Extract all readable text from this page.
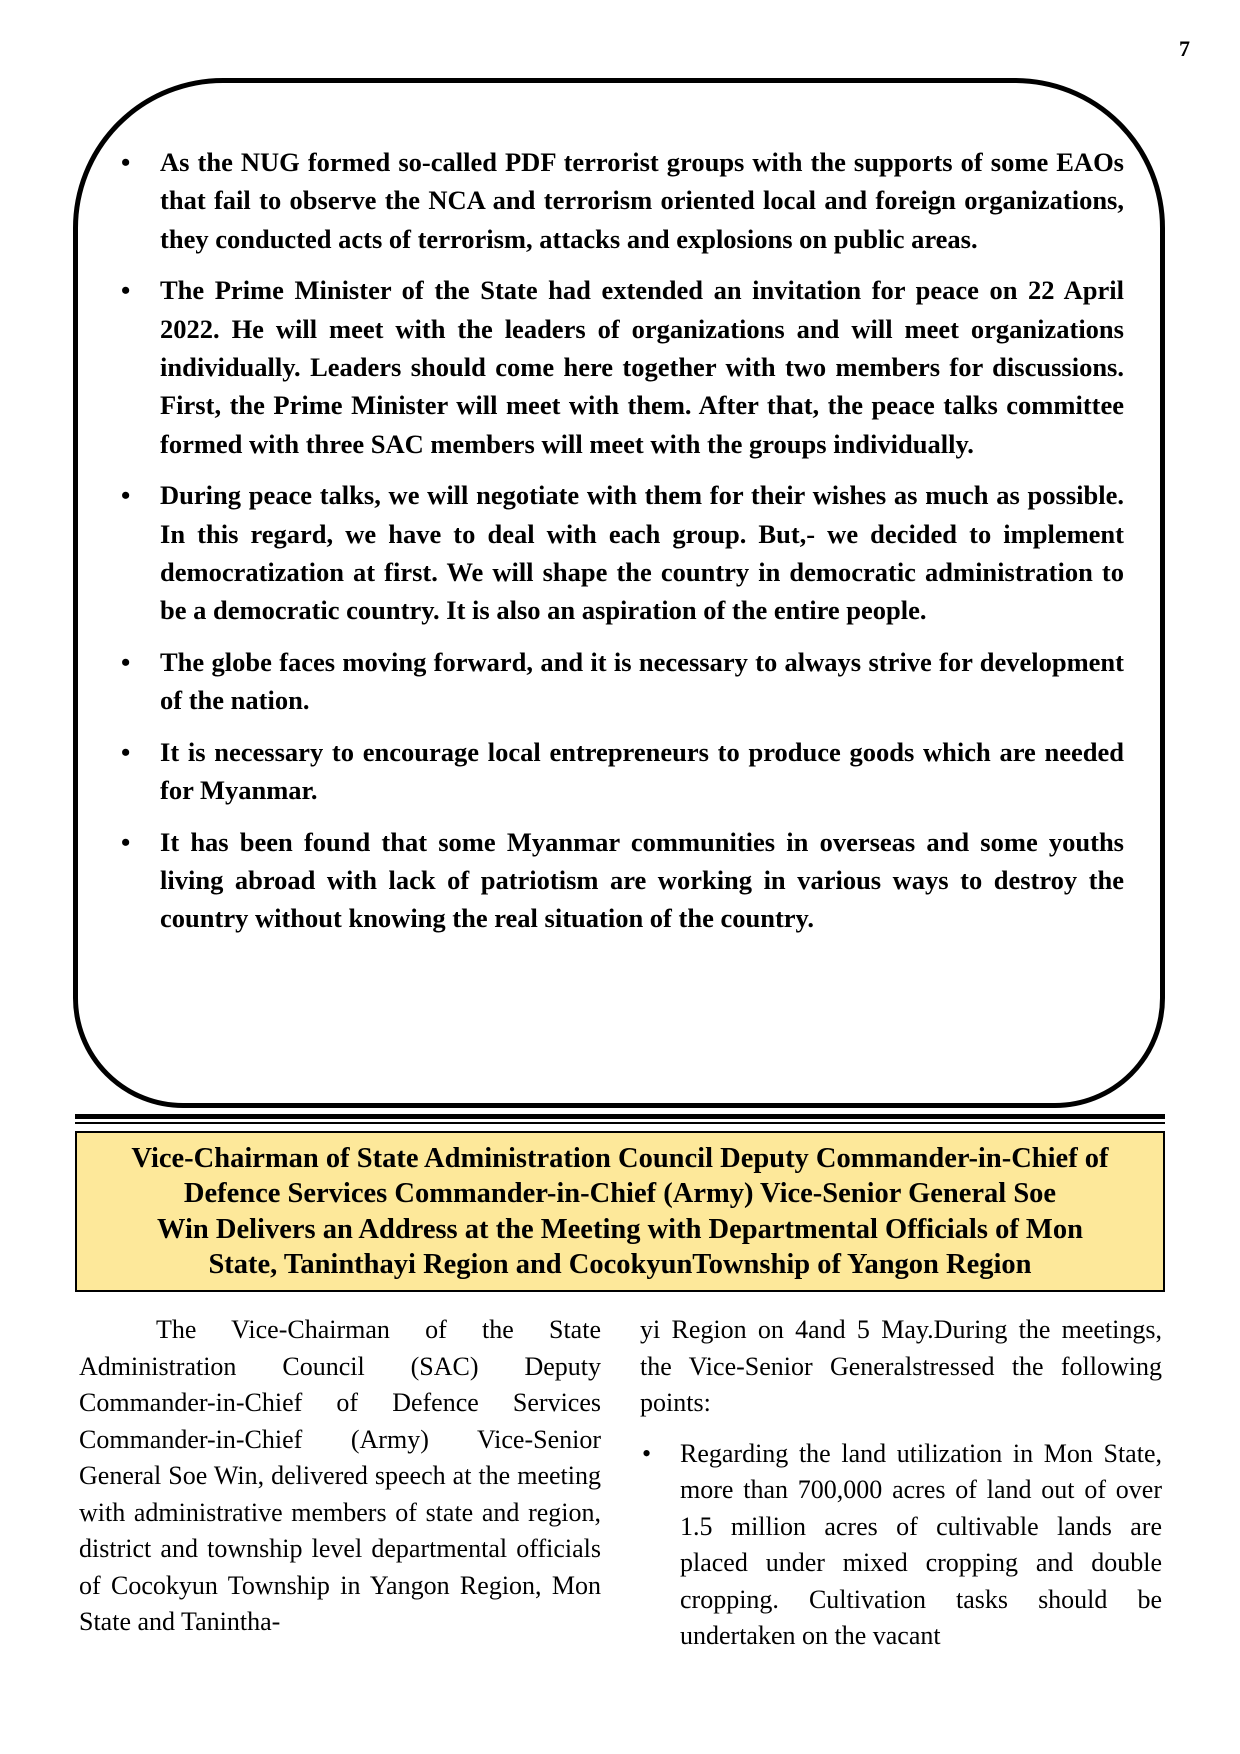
7
• As the NUG formed so-called PDF terrorist groups with the supports of some EAOs that fail to observe the NCA and terrorism oriented local and foreign organizations, they conducted acts of terrorism, attacks and explosions on public areas.
• The Prime Minister of the State had extended an invitation for peace on 22 April 2022. He will meet with the leaders of organizations and will meet organizations individually. Leaders should come here together with two members for discussions. First, the Prime Minister will meet with them. After that, the peace talks committee formed with three SAC members will meet with the groups individually.
• During peace talks, we will negotiate with them for their wishes as much as possible. In this regard, we have to deal with each group. But,- we decided to implement democratization at first. We will shape the country in democratic administration to be a democratic country. It is also an aspiration of the entire people.
• The globe faces moving forward, and it is necessary to always strive for development of the nation.
• It is necessary to encourage local entrepreneurs to produce goods which are needed for Myanmar.
• It has been found that some Myanmar communities in overseas and some youths living abroad with lack of patriotism are working in various ways to destroy the country without knowing the real situation of the country.
Vice-Chairman of State Administration Council Deputy Commander-in-Chief of
Defence Services Commander-in-Chief (Army) Vice-Senior General Soe
Win Delivers an Address at the Meeting with Departmental Officials of Mon
State, Taninthayi Region and CocokyunTownship of Yangon Region

The Vice-Chairman of the State Administration Council (SAC) Deputy Commander-in-Chief of Defence Services Commander-in-Chief (Army) Vice-Senior General Soe Win, delivered speech at the meeting with administrative members of state and region, district and township level departmental officials of Cocokyun Township in Yangon Region, Mon State and Tanintha-

yi Region on 4and 5 May.During the meetings, the Vice-Senior Generalstressed the following points:

• Regarding the land utilization in Mon State, more than 700,000 acres of land out of over 1.5 million acres of cultivable lands are placed under mixed cropping and double cropping. Cultivation tasks should be undertaken on the vacant
